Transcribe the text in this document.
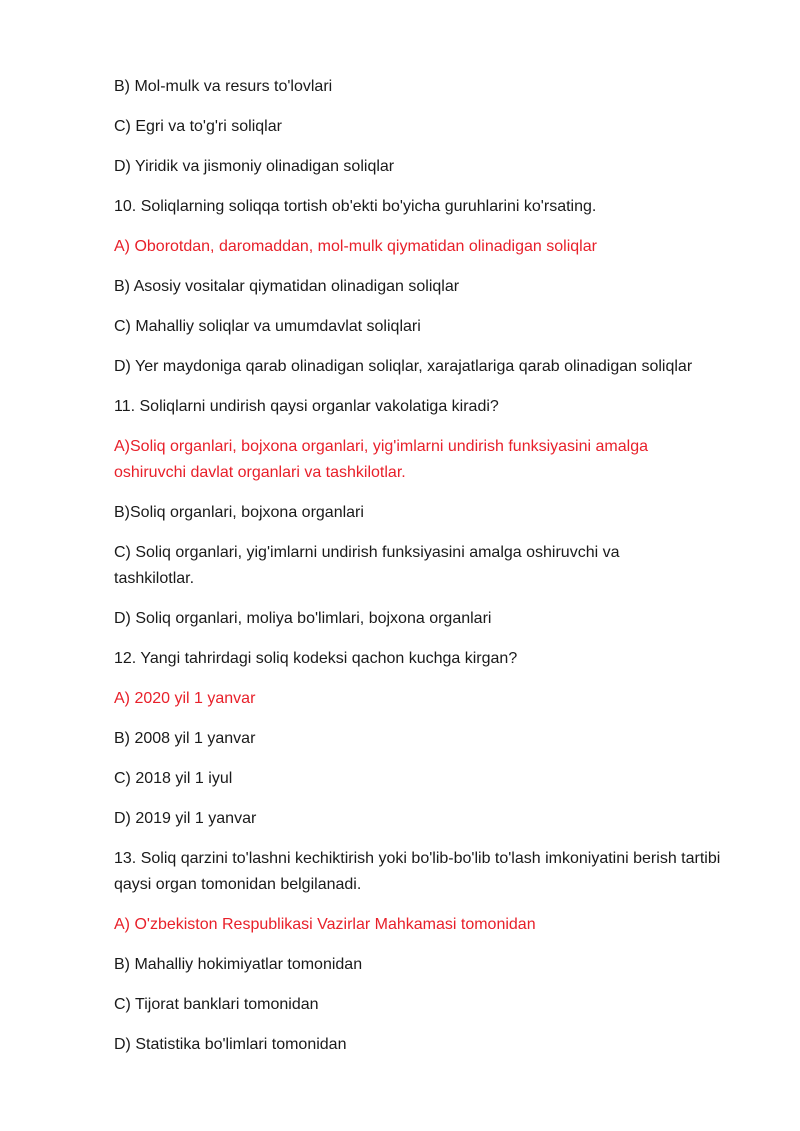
B) Mol-mulk va resurs to'lovlari

C) Egri va to'g'ri soliqlar

D) Yiridik va jismoniy olinadigan soliqlar

10. Soliqlarning soliqqa tortish ob'ekti bo'yicha guruhlarini ko'rsating.

A) Oborotdan, daromaddan, mol-mulk qiymatidan olinadigan soliqlar

B) Asosiy vositalar qiymatidan olinadigan soliqlar

C) Mahalliy soliqlar va umumdavlat soliqlari

D) Yer maydoniga qarab olinadigan soliqlar, xarajatlariga qarab olinadigan soliqlar

11. Soliqlarni undirish qaysi organlar vakolatiga kiradi?

A)Soliq organlari, bojxona organlari, yig'imlarni undirish funksiyasini amalga oshiruvchi davlat organlari va tashkilotlar.

B)Soliq organlari, bojxona organlari

C) Soliq organlari, yig'imlarni undirish funksiyasini amalga oshiruvchi va tashkilotlar.

D) Soliq organlari, moliya bo'limlari, bojxona organlari

12. Yangi tahrirdagi soliq kodeksi qachon kuchga kirgan?

A) 2020 yil 1 yanvar

B) 2008 yil 1 yanvar

C) 2018 yil 1 iyul

D) 2019 yil 1 yanvar

13. Soliq qarzini to'lashni kechiktirish yoki bo'lib-bo'lib to'lash imkoniyatini berish tartibi qaysi organ tomonidan belgilanadi.

A) O'zbekiston Respublikasi Vazirlar Mahkamasi tomonidan

B) Mahalliy hokimiyatlar tomonidan

C) Tijorat banklari tomonidan

D) Statistika bo'limlari tomonidan
